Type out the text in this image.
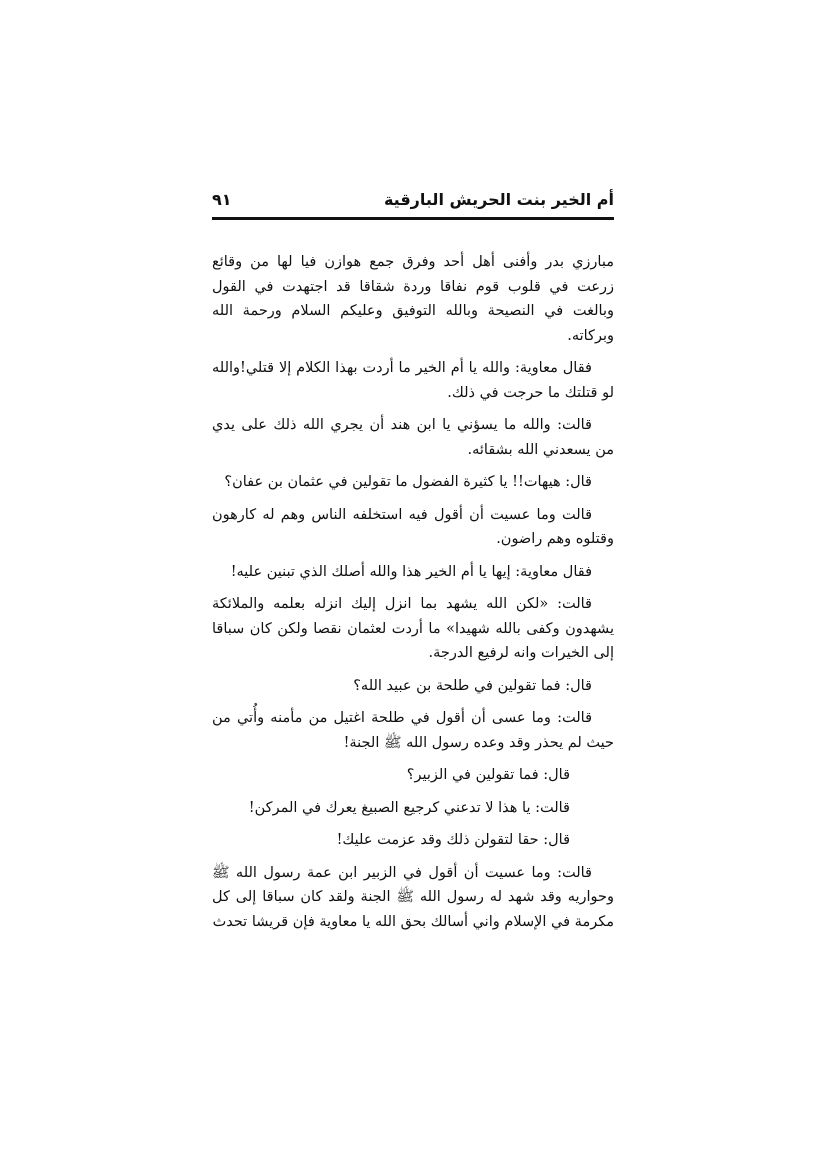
أم الخير بنت الحريش البارقية
٩١

مبارزي بدر وأفنى أهل أحد وفرق جمع هوازن فيا لها من وقائع زرعت في قلوب قوم نفاقا وردة شقاقا قد اجتهدت في القول وبالغت في النصيحة وبالله التوفيق وعليكم السلام ورحمة الله وبركاته.

فقال معاوية: والله يا أم الخير ما أردت بهذا الكلام إلا قتلي!والله لو قتلتك ما حرجت في ذلك.

قالت: والله ما يسؤني يا ابن هند أن يجري الله ذلك على يدي من يسعدني الله بشقائه.

قال: هيهات!! يا كثيرة الفضول ما تقولين في عثمان بن عفان؟

قالت وما عسيت أن أقول فيه استخلفه الناس وهم له كارهون وقتلوه وهم راضون.

فقال معاوية: إيها يا أم الخير هذا والله أصلك الذي تبنين عليه!

قالت: «لكن الله يشهد بما انزل إليك انزله بعلمه والملائكة يشهدون وكفى بالله شهيدا» ما أردت لعثمان نقصا ولكن كان سباقا إلى الخيرات وانه لرفيع الدرجة.

قال: فما تقولين في طلحة بن عبيد الله؟

قالت: وما عسى أن أقول في طلحة اغتيل من مأمنه وأُتي من حيث لم يحذر وقد وعده رسول الله ﷺ الجنة!

قال: فما تقولين في الزبير؟

قالت: يا هذا لا تدعني كرجيع الصبيغ يعرك في المركن!

قال: حقا لتقولن ذلك وقد عزمت عليك!

قالت: وما عسيت أن أقول في الزبير ابن عمة رسول الله ﷺ وحواريه وقد شهد له رسول الله ﷺ الجنة ولقد كان سباقا إلى كل مكرمة في الإسلام واني أسالك بحق الله يا معاوية فإن قريشا تحدث
